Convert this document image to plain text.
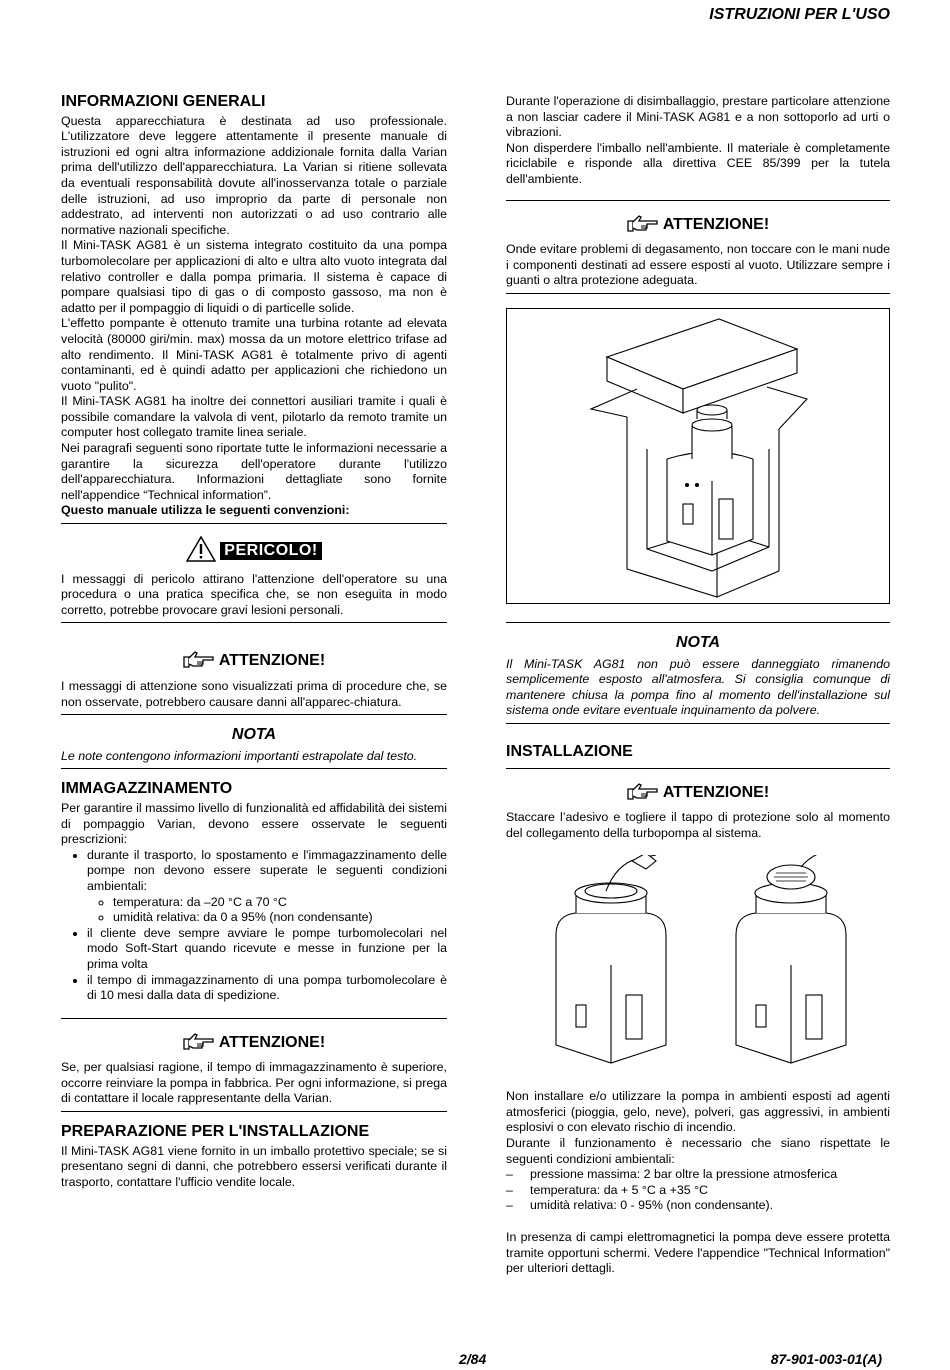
ISTRUZIONI PER L'USO
INFORMAZIONI GENERALI

Questa apparecchiatura è destinata ad uso professionale. L'utilizzatore deve leggere attentamente il presente manuale di istruzioni ed ogni altra informazione addizionale fornita dalla Varian prima dell'utilizzo dell'apparecchiatura. La Varian si ritiene sollevata da eventuali responsabilità dovute all'inosservanza totale o parziale delle istruzioni, ad uso improprio da parte di personale non addestrato, ad interventi non autorizzati o ad uso contrario alle normative nazionali specifiche.

Il Mini-TASK AG81 è un sistema integrato costituito da una pompa turbomolecolare per applicazioni di alto e ultra alto vuoto integrata dal relativo controller e dalla pompa primaria. Il sistema è capace di pompare qualsiasi tipo di gas o di composto gassoso, ma non è adatto per il pompaggio di liquidi o di particelle solide.

L'effetto pompante è ottenuto tramite una turbina rotante ad elevata velocità (80000 giri/min. max) mossa da un motore elettrico trifase ad alto rendimento. Il Mini-TASK AG81 è totalmente privo di agenti contaminanti, ed è quindi adatto per applicazioni che richiedono un vuoto "pulito".

Il Mini-TASK AG81 ha inoltre dei connettori ausiliari tramite i quali è possibile comandare la valvola di vent, pilotarlo da remoto tramite un computer host collegato tramite linea seriale.

Nei paragrafi seguenti sono riportate tutte le informazioni necessarie a garantire la sicurezza dell'operatore durante l'utilizzo dell'apparecchiatura. Informazioni dettagliate sono fornite nell'appendice “Technical information”.

Questo manuale utilizza le seguenti convenzioni:

PERICOLO!

I messaggi di pericolo attirano l'attenzione dell'operatore su una procedura o una pratica specifica che, se non eseguita in modo corretto, potrebbe provocare gravi lesioni personali.

ATTENZIONE!

I messaggi di attenzione sono visualizzati prima di procedure che, se non osservate, potrebbero causare danni all'apparec-chiatura.

NOTA

Le note contengono informazioni importanti estrapolate dal testo.

IMMAGAZZINAMENTO

Per garantire il massimo livello di funzionalità ed affidabilità dei sistemi di pompaggio Varian, devono essere osservate le seguenti prescrizioni:

• durante il trasporto, lo spostamento e l'immagazzinamento delle pompe non devono essere superate le seguenti condizioni ambientali:
◦ temperatura: da –20 °C a 70 °C
◦ umidità relativa: da 0 a 95% (non condensante)
• il cliente deve sempre avviare le pompe turbomolecolari nel modo Soft-Start quando ricevute e messe in funzione per la prima volta
• il tempo di immagazzinamento di una pompa turbomolecolare è di 10 mesi dalla data di spedizione.
ATTENZIONE!

Se, per qualsiasi ragione, il tempo di immagazzinamento è superiore, occorre reinviare la pompa in fabbrica. Per ogni informazione, si prega di contattare il locale rappresentante della Varian.

PREPARAZIONE PER L'INSTALLAZIONE

Il Mini-TASK AG81 viene fornito in un imballo protettivo speciale; se si presentano segni di danni, che potrebbero essersi verificati durante il trasporto, contattare l'ufficio vendite locale.

Durante l'operazione di disimballaggio, prestare particolare attenzione a non lasciar cadere il Mini-TASK AG81 e a non sottoporlo ad urti o vibrazioni.

Non disperdere l'imballo nell'ambiente. Il materiale è completamente riciclabile e risponde alla direttiva CEE 85/399 per la tutela dell'ambiente.

ATTENZIONE!

Onde evitare problemi di degasamento, non toccare con le mani nude i componenti destinati ad essere esposti al vuoto. Utilizzare sempre i guanti o altra protezione adeguata.

NOTA

Il Mini-TASK AG81 non può essere danneggiato rimanendo semplicemente esposto all'atmosfera. Si consiglia comunque di mantenere chiusa la pompa fino al momento dell'installazione sul sistema onde evitare eventuale inquinamento da polvere.

INSTALLAZIONE
ATTENZIONE!

Staccare l’adesivo e togliere il tappo di protezione solo al momento del collegamento della turbopompa al sistema.

Non installare e/o utilizzare la pompa in ambienti esposti ad agenti atmosferici (pioggia, gelo, neve), polveri, gas aggressivi, in ambienti esplosivi o con elevato rischio di incendio.

Durante il funzionamento è necessario che siano rispettate le seguenti condizioni ambientali:

– pressione massima: 2 bar oltre la pressione atmosferica
– temperatura: da + 5 °C a +35 °C
– umidità relativa: 0 - 95% (non condensante).

In presenza di campi elettromagnetici la pompa deve essere protetta tramite opportuni schermi. Vedere l'appendice "Technical Information" per ulteriori dettagli.

2/84	87-901-003-01(A)
